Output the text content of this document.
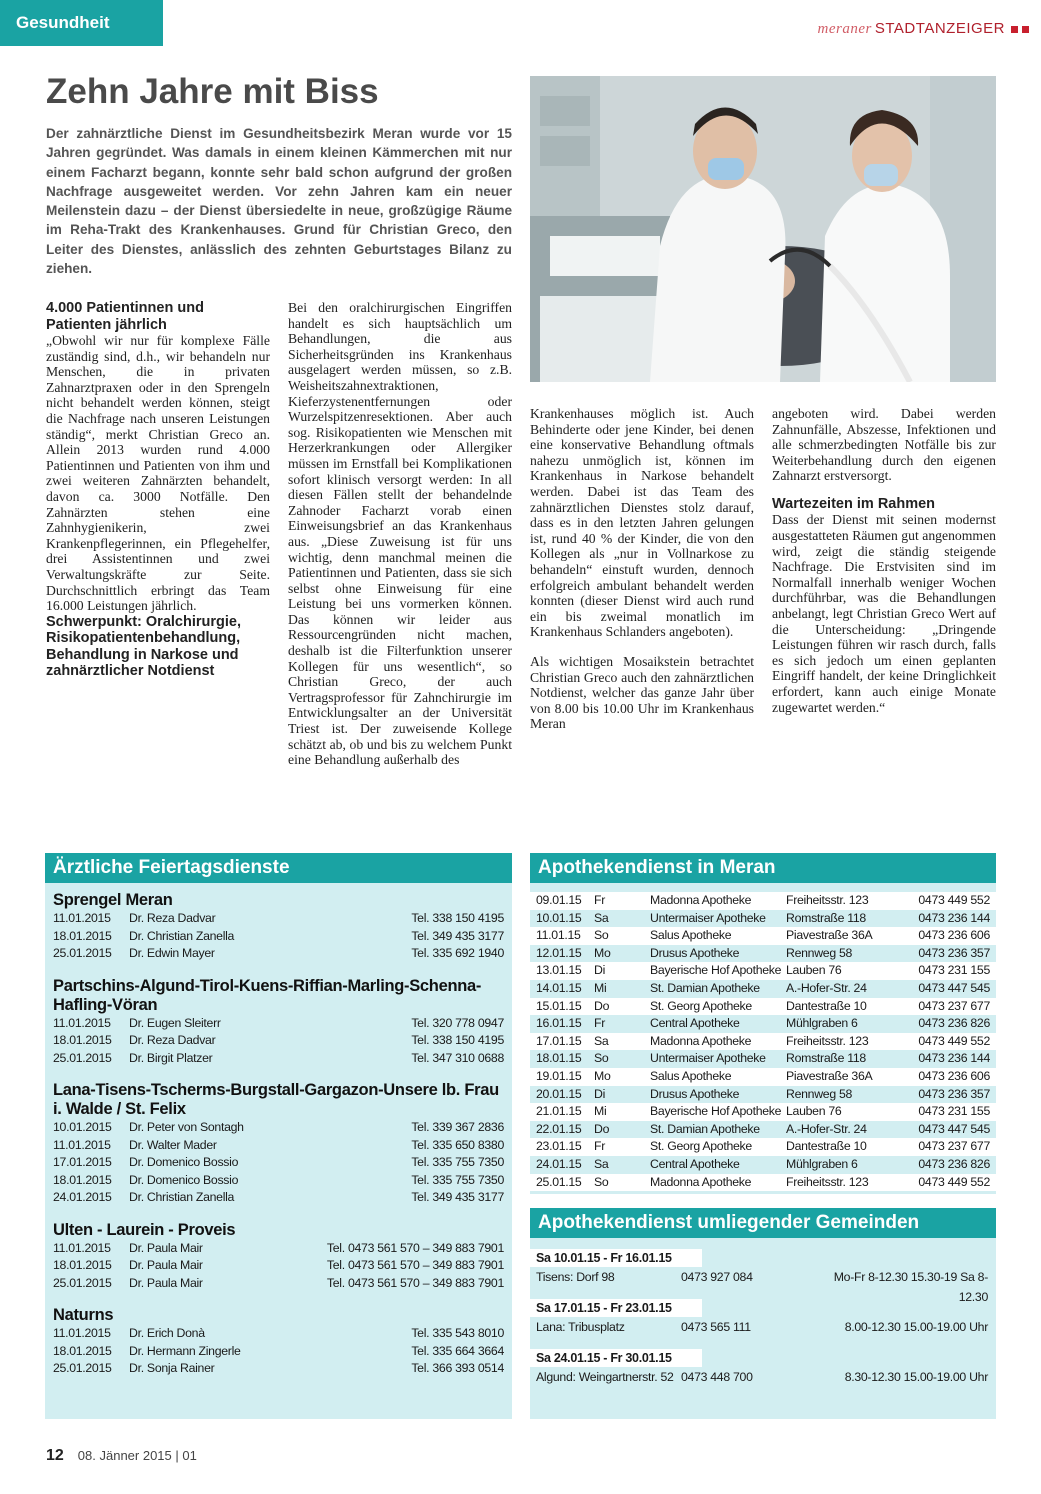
Gesundheit	meraner STADTANZEIGER
Zehn Jahre mit Biss

Der zahnärztliche Dienst im Gesundheitsbezirk Meran wurde vor 15 Jahren gegründet. Was damals in einem kleinen Kämmerchen mit nur einem Facharzt begann, konnte sehr bald schon aufgrund der großen Nachfrage ausgeweitet werden. Vor zehn Jahren kam ein neuer Meilenstein dazu – der Dienst übersiedelte in neue, großzügige Räume im Reha-Trakt des Krankenhauses. Grund für Christian Greco, den Leiter des Dienstes, anlässlich des zehnten Geburtstages Bilanz zu ziehen.

4.000 Patientinnen und Patienten jährlich

„Obwohl wir nur für komplexe Fälle zuständig sind, d.h., wir behandeln nur Menschen, die in privaten Zahnarztpraxen oder in den Sprengeln nicht behandelt werden können, steigt die Nachfrage nach unseren Leistungen ständig“, merkt Christian Greco an. Allein 2013 wurden rund 4.000 Patientinnen und Patienten von ihm und zwei weiteren Zahnärzten behandelt, davon ca. 3000 Notfälle. Den Zahnärzten stehen eine Zahnhygienikerin, zwei Krankenpflegerinnen, ein Pflegehelfer, drei Assistentinnen und zwei Verwaltungskräfte zur Seite. Durchschnittlich erbringt das Team 16.000 Leistungen jährlich.

Schwerpunkt: Oralchirurgie, Risikopatientenbehandlung, Behandlung in Narkose und zahnärztlicher Notdienst

Bei den oralchirurgischen Eingriffen handelt es sich hauptsächlich um Behandlungen, die aus Sicherheitsgründen ins Krankenhaus ausgelagert werden müssen, so z.B. Weisheitszahnextraktionen, Kieferzystenentfernungen oder Wurzelspitzenresektionen. Aber auch sog. Risikopatienten wie Menschen mit Herzerkrankungen oder Allergiker müssen im Ernstfall bei Komplikationen sofort klinisch versorgt werden: In all diesen Fällen stellt der behandelnde Zahnoder Facharzt vorab einen Einweisungsbrief an das Krankenhaus aus. „Diese Zuweisung ist für uns wichtig, denn manchmal meinen die Patientinnen und Patienten, dass sie sich selbst ohne Einweisung für eine Leistung bei uns vormerken können. Das können wir leider aus Ressourcengründen nicht machen, deshalb ist die Filterfunktion unserer Kollegen für uns wesentlich“, so Christian Greco, der auch Vertragsprofessor für Zahnchirurgie im Entwicklungsalter an der Universität Triest ist. Der zuweisende Kollege schätzt ab, ob und bis zu welchem Punkt eine Behandlung außerhalb des

Krankenhauses möglich ist. Auch Behinderte oder jene Kinder, bei denen eine konservative Behandlung oftmals nahezu unmöglich ist, können im Krankenhaus in Narkose behandelt werden. Dabei ist das Team des zahnärztlichen Dienstes stolz darauf, dass es in den letzten Jahren gelungen ist, rund 40 % der Kinder, die von den Kollegen als „nur in Vollnarkose zu behandeln“ einstuft wurden, dennoch erfolgreich ambulant behandelt werden konnten (dieser Dienst wird auch rund ein bis zweimal monatlich im Krankenhaus Schlanders angeboten).

Als wichtigen Mosaikstein betrachtet Christian Greco auch den zahnärztlichen Notdienst, welcher das ganze Jahr über von 8.00 bis 10.00 Uhr im Krankenhaus Meran

angeboten wird. Dabei werden Zahnunfälle, Abszesse, Infektionen und alle schmerzbedingten Notfälle bis zur Weiterbehandlung durch den eigenen Zahnarzt erstversorgt.

Wartezeiten im Rahmen

Dass der Dienst mit seinen modernst ausgestatteten Räumen gut angenommen wird, zeigt die ständig steigende Nachfrage. Die Erstvisiten sind im Normalfall innerhalb weniger Wochen durchführbar, was die Behandlungen anbelangt, legt Christian Greco Wert auf die Unterscheidung: „Dringende Leistungen führen wir rasch durch, falls es sich jedoch um einen geplanten Eingriff handelt, der keine Dringlichkeit erfordert, kann auch einige Monate zugewartet werden.“

Ärztliche Feiertagsdienste
Sprengel Meran
11.01.2015	Dr. Reza Dadvar	Tel. 338 150 4195
18.01.2015	Dr. Christian Zanella	Tel. 349 435 3177
25.01.2015	Dr. Edwin Mayer	Tel. 335 692 1940
Partschins-Algund-Tirol-Kuens-Riffian-Marling-Schenna-Hafling-Vöran
11.01.2015	Dr. Eugen Sleiterr	Tel. 320 778 0947
18.01.2015	Dr. Reza Dadvar	Tel. 338 150 4195
25.01.2015	Dr. Birgit Platzer	Tel. 347 310 0688
Lana-Tisens-Tscherms-Burgstall-Gargazon-Unsere lb. Frau i. Walde / St. Felix
10.01.2015	Dr. Peter von Sontagh	Tel. 339 367 2836
11.01.2015	Dr. Walter Mader	Tel. 335 650 8380
17.01.2015	Dr. Domenico Bossio	Tel. 335 755 7350
18.01.2015	Dr. Domenico Bossio	Tel. 335 755 7350
24.01.2015	Dr. Christian Zanella	Tel. 349 435 3177
Ulten - Laurein - Proveis
11.01.2015	Dr. Paula Mair	Tel. 0473 561 570 – 349 883 7901
18.01.2015	Dr. Paula Mair	Tel. 0473 561 570 – 349 883 7901
25.01.2015	Dr. Paula Mair	Tel. 0473 561 570 – 349 883 7901
Naturns
11.01.2015	Dr. Erich Donà	Tel. 335 543 8010
18.01.2015	Dr. Hermann Zingerle	Tel. 335 664 3664
25.01.2015	Dr. Sonja Rainer	Tel. 366 393 0514
Apothekendienst in Meran
09.01.15	Fr	Madonna Apotheke	Freiheitsstr. 123	0473 449 552
10.01.15	Sa	Untermaiser Apotheke	Romstraße 118	0473 236 144
11.01.15	So	Salus Apotheke	Piavestraße 36A	0473 236 606
12.01.15	Mo	Drusus Apotheke	Rennweg 58	0473 236 357
13.01.15	Di	Bayerische Hof Apotheke Lauben 76	0473 231 155
14.01.15	Mi	St. Damian Apotheke	A.-Hofer-Str. 24	0473 447 545
15.01.15	Do	St. Georg Apotheke	Dantestraße 10	0473 237 677
16.01.15	Fr	Central Apotheke	Mühlgraben 6	0473 236 826
17.01.15	Sa	Madonna Apotheke	Freiheitsstr. 123	0473 449 552
18.01.15	So	Untermaiser Apotheke	Romstraße 118	0473 236 144
19.01.15	Mo	Salus Apotheke	Piavestraße 36A	0473 236 606
20.01.15	Di	Drusus Apotheke	Rennweg 58	0473 236 357
21.01.15	Mi	Bayerische Hof Apotheke Lauben 76	0473 231 155
22.01.15	Do	St. Damian Apotheke	A.-Hofer-Str. 24	0473 447 545
23.01.15	Fr	St. Georg Apotheke	Dantestraße 10	0473 237 677
24.01.15	Sa	Central Apotheke	Mühlgraben 6	0473 236 826
25.01.15	So	Madonna Apotheke	Freiheitsstr. 123	0473 449 552
Apothekendienst umliegender Gemeinden
Sa 10.01.15 - Fr 16.01.15
Tisens: Dorf 98	0473 927 084	Mo-Fr 8-12.30 15.30-19 Sa 8-12.30
Sa 17.01.15 - Fr 23.01.15
Lana: Tribusplatz	0473 565 111	8.00-12.30 15.00-19.00 Uhr
Sa 24.01.15 - Fr 30.01.15
Algund: Weingartnerstr. 52 0473 448 700	8.30-12.30 15.00-19.00 Uhr
12 08. Jänner 2015 | 01
